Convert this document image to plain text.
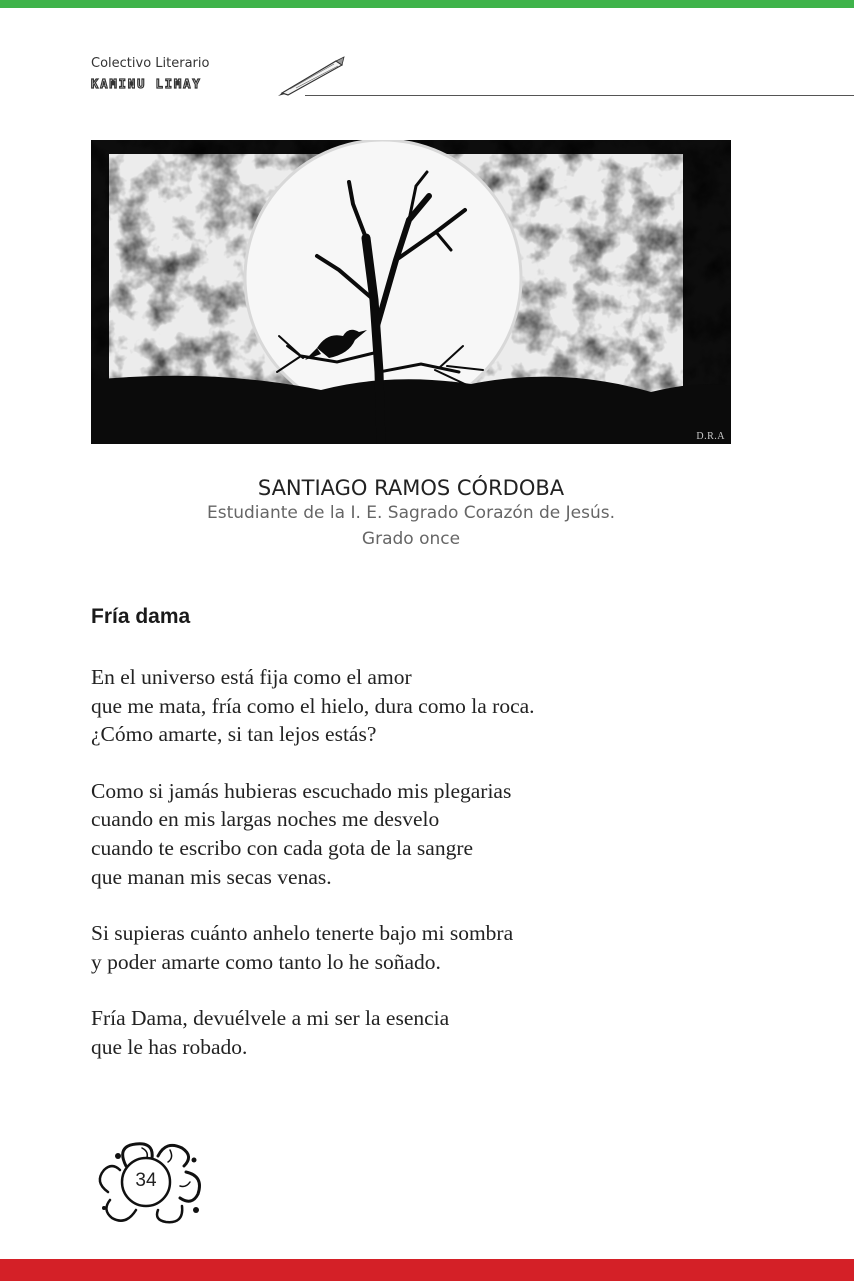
Colectivo Literario
KAMINU LIMAY
D.R.A
SANTIAGO RAMOS CÓRDOBA
Estudiante de la I. E. Sagrado Corazón de Jesús.
Grado once
Fría dama
En el universo está fija como el amor
que me mata, fría como el hielo, dura como la roca.
¿Cómo amarte, si tan lejos estás?
Como si jamás hubieras escuchado mis plegarias
cuando en mis largas noches me desvelo
cuando te escribo con cada gota de la sangre
que manan mis secas venas.
Si supieras cuánto anhelo tenerte bajo mi sombra
y poder amarte como tanto lo he soñado.
Fría Dama, devuélvele a mi ser la esencia
que le has robado.
34
